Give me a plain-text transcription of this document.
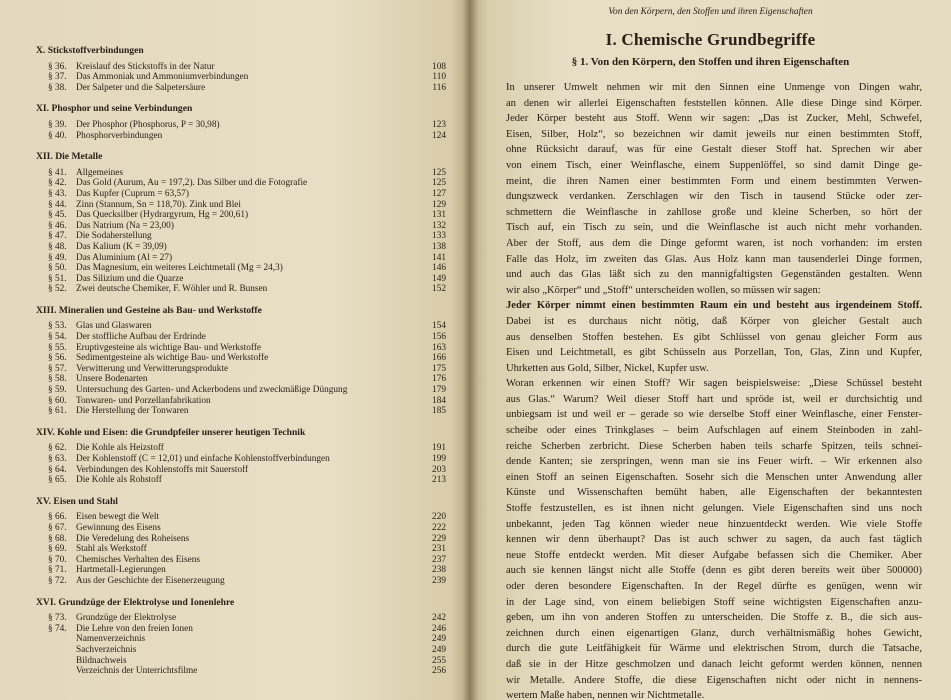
X. Stickstoffverbindungen
§ 36.	Kreislauf des Stickstoffs in der Natur	108
§ 37.	Das Ammoniak und Ammoniumverbindungen	110
§ 38.	Der Salpeter und die Salpetersäure	116
XI. Phosphor und seine Verbindungen
§ 39.	Der Phosphor (Phosphorus, P = 30,98)	123
§ 40.	Phosphorverbindungen	124
XII. Die Metalle
§ 41.	Allgemeines	125
§ 42.	Das Gold (Aurum, Au = 197,2). Das Silber und die Fotografie	125
§ 43.	Das Kupfer (Cuprum = 63,57)	127
§ 44.	Zinn (Stannum, Sn = 118,70). Zink und Blei	129
§ 45.	Das Quecksilber (Hydrargyrum, Hg = 200,61)	131
§ 46.	Das Natrium (Na = 23,00)	132
§ 47.	Die Sodaherstellung	133
§ 48.	Das Kalium (K = 39,09)	138
§ 49.	Das Aluminium (Al = 27)	141
§ 50.	Das Magnesium, ein weiteres Leichtmetall (Mg = 24,3)	146
§ 51.	Das Silizium und die Quarze	149
§ 52.	Zwei deutsche Chemiker, F. Wöhler und R. Bunsen	152
XIII. Mineralien und Gesteine als Bau- und Werkstoffe
§ 53.	Glas und Glaswaren	154
§ 54.	Der stoffliche Aufbau der Erdrinde	156
§ 55.	Eruptivgesteine als wichtige Bau- und Werkstoffe	163
§ 56.	Sedimentgesteine als wichtige Bau- und Werkstoffe	166
§ 57.	Verwitterung und Verwitterungsprodukte	175
§ 58.	Unsere Bodenarten	176
§ 59.	Untersuchung des Garten- und Ackerbodens und zweckmäßige Düngung	179
§ 60.	Tonwaren- und Porzellanfabrikation	184
§ 61.	Die Herstellung der Tonwaren	185
XIV. Kohle und Eisen: die Grundpfeiler unserer heutigen Technik
§ 62.	Die Kohle als Heizstoff	191
§ 63.	Der Kohlenstoff (C = 12,01) und einfache Kohlenstoffverbindungen	199
§ 64.	Verbindungen des Kohlenstoffs mit Sauerstoff	203
§ 65.	Die Kohle als Rohstoff	213
XV. Eisen und Stahl
§ 66.	Eisen bewegt die Welt	220
§ 67.	Gewinnung des Eisens	222
§ 68.	Die Veredelung des Roheisens	229
§ 69.	Stahl als Werkstoff	231
§ 70.	Chemisches Verhalten des Eisens	237
§ 71.	Hartmetall-Legierungen	238
§ 72.	Aus der Geschichte der Eisenerzeugung	239
XVI. Grundzüge der Elektrolyse und Ionenlehre
§ 73.	Grundzüge der Elektrolyse	242
§ 74.	Die Lehre von den freien Ionen	246
Namenverzeichnis	249
Sachverzeichnis	249
Bildnachweis	255
Verzeichnis der Unterrichtsfilme	256
Von den Körpern, den Stoffen und ihren Eigenschaften
I. Chemische Grundbegriffe
§ 1. Von den Körpern, den Stoffen und ihren Eigenschaften
In unserer Umwelt nehmen wir mit den Sinnen eine Unmenge von Dingen wahr,
an denen wir allerlei Eigenschaften feststellen können. Alle diese Dinge sind Körper.
Jeder Körper besteht aus Stoff. Wenn wir sagen: „Das ist Zucker, Mehl, Schwefel,
Eisen, Silber, Holz“, so bezeichnen wir damit jeweils nur einen bestimmten Stoff,
ohne Rücksicht darauf, was für eine Gestalt dieser Stoff hat. Sprechen wir aber
von einem Tisch, einer Weinflasche, einem Suppenlöffel, so sind damit Dinge ge-
meint, die ihren Namen einer bestimmten Form und einem bestimmten Verwen-
dungszweck verdanken. Zerschlagen wir den Tisch in tausend Stücke oder zer-
schmettern die Weinflasche in zahllose große und kleine Scherben, so hört der
Tisch auf, ein Tisch zu sein, und die Weinflasche ist auch nicht mehr vorhanden.
Aber der Stoff, aus dem die Dinge geformt waren, ist noch vorhanden: im ersten
Falle das Holz, im zweiten das Glas. Aus Holz kann man tausenderlei Dinge formen,
und auch das Glas läßt sich zu den mannigfaltigsten Gegenständen gestalten. Wenn
wir also „Körper“ und „Stoff“ unterscheiden wollen, so müssen wir sagen:
Jeder Körper nimmt einen bestimmten Raum ein und besteht aus irgendeinem Stoff.
Dabei ist es durchaus nicht nötig, daß Körper von gleicher Gestalt auch
aus denselben Stoffen bestehen. Es gibt Schlüssel von genau gleicher Form aus
Eisen und Leichtmetall, es gibt Schüsseln aus Porzellan, Ton, Glas, Zinn und Kupfer,
Uhrketten aus Gold, Silber, Nickel, Kupfer usw.
Woran erkennen wir einen Stoff? Wir sagen beispielsweise: „Diese Schüssel besteht
aus Glas.“ Warum? Weil dieser Stoff hart und spröde ist, weil er durchsichtig und
unbiegsam ist und weil er – gerade so wie derselbe Stoff einer Weinflasche, einer Fenster-
scheibe oder eines Trinkglases – beim Aufschlagen auf einem Steinboden in zahl-
reiche Scherben zerbricht. Diese Scherben haben teils scharfe Spitzen, teils schnei-
dende Kanten; sie zerspringen, wenn man sie ins Feuer wirft. – Wir erkennen also
einen Stoff an seinen Eigenschaften. Sosehr sich die Menschen unter Anwendung aller
Künste und Wissenschaften bemüht haben, alle Eigenschaften der bekanntesten
Stoffe festzustellen, es ist ihnen nicht gelungen. Viele Eigenschaften sind uns noch
unbekannt, jeden Tag können wieder neue hinzuentdeckt werden. Wie viele Stoffe
kennen wir denn überhaupt? Das ist auch schwer zu sagen, da auch fast täglich
neue Stoffe entdeckt werden. Mit dieser Aufgabe befassen sich die Chemiker. Aber
auch sie kennen längst nicht alle Stoffe (denn es gibt deren bereits weit über 500000)
oder deren besondere Eigenschaften. In der Regel dürfte es genügen, wenn wir
in der Lage sind, von einem beliebigen Stoff seine wichtigsten Eigenschaften anzu-
geben, um ihn von anderen Stoffen zu unterscheiden. Die Stoffe z. B., die sich aus-
zeichnen durch einen eigenartigen Glanz, durch verhältnismäßig hohes Gewicht,
durch die gute Leitfähigkeit für Wärme und elektrischen Strom, durch die Tatsache,
daß sie in der Hitze geschmolzen und danach leicht geformt werden können, nennen
wir Metalle. Andere Stoffe, die diese Eigenschaften nicht oder nicht in nennens-
wertem Maße haben, nennen wir Nichtmetalle.
